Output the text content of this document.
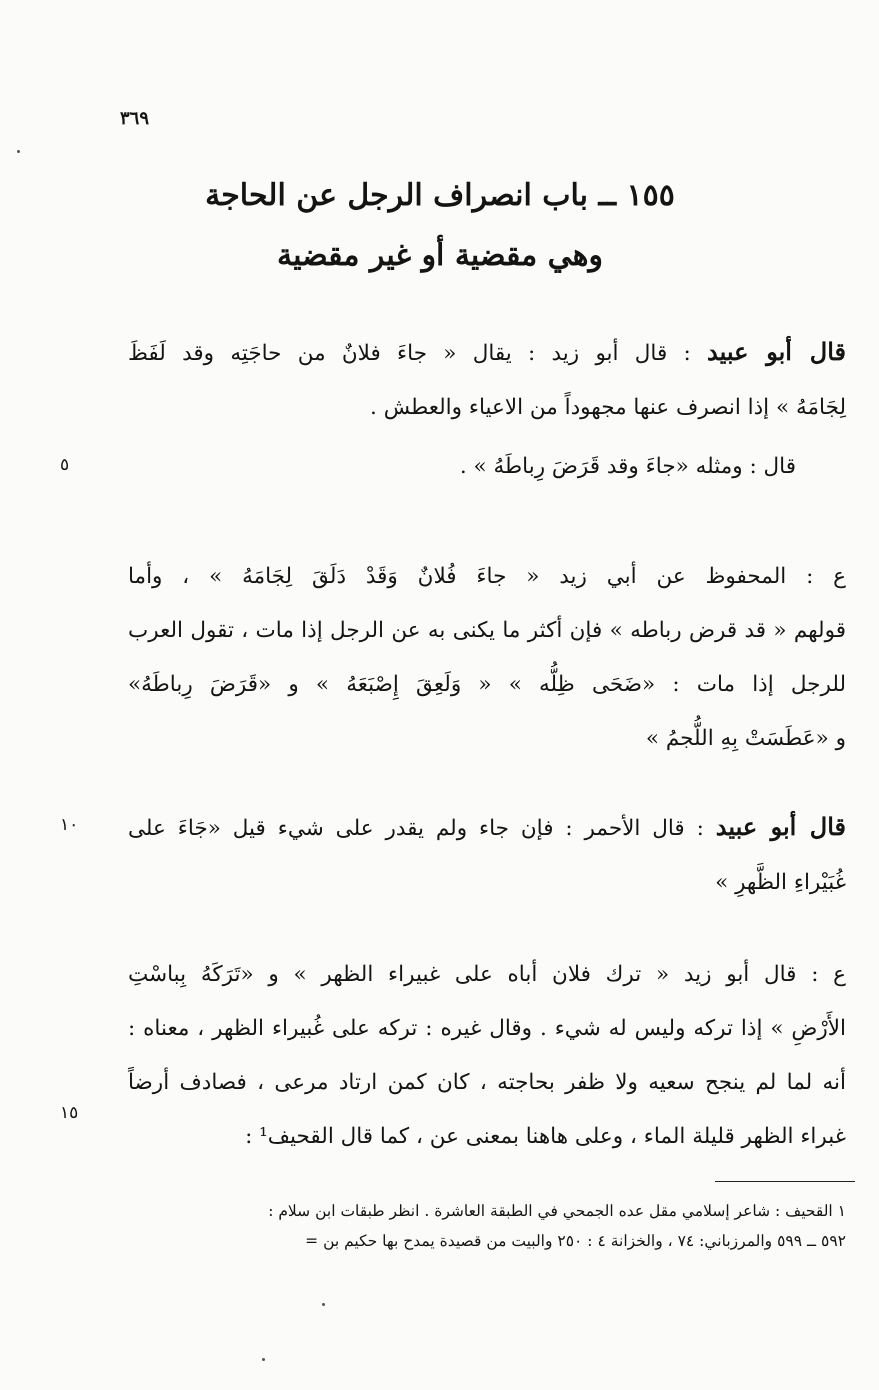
٣٦٩
١٥٥ ــ باب انصراف الرجل عن الحاجة
وهي مقضية أو غير مقضية
قال أبو عبيد : قال أبو زيد : يقال « جاءَ فلانٌ من حاجَتِه وقد لَفَظَ
لِجَامَهُ » إذا انصرف عنها مجهوداً من الاعياء والعطش .
قال : ومثله «جاءَ وقد قَرَضَ رِباطَهُ » .
ع : المحفوظ عن أبي زيد « جاءَ فُلانٌ وَقَدْ دَلَقَ لِجَامَهُ » ، وأما
قولهم « قد قرض رباطه » فإن أكثر ما يكنى به عن الرجل إذا مات ، تقول العرب
للرجل إذا مات : «ضَحَى ظِلُّه » « وَلَعِقَ إِصْبَعَهُ » و «قَرَضَ رِباطَهُ»
و «عَطَسَتْ بِهِ اللُّجمُ »
قال أبو عبيد : قال الأحمر : فإن جاء ولم يقدر على شيء قيل «جَاءَ على
غُبَيْراءِ الظَّهرِ »
ع : قال أبو زيد « ترك فلان أباه على غبيراء الظهر » و «تَرَكَهُ بِباسْتِ
الأَرْضِ » إذا تركه وليس له شيء . وقال غيره : تركه على غُبيراء الظهر ، معناه :
أنه لما لم ينجح سعيه ولا ظفر بحاجته ، كان كمن ارتاد مرعى ، فصادف أرضاً
غبراء الظهر قليلة الماء ، وعلى هاهنا بمعنى عن ، كما قال القحيف¹ :
٥
١٠
١٥
١ القحيف : شاعر إسلامي مقل عده الجمحي في الطبقة العاشرة . انظر طبقات ابن سلام :
٥٩٢ ــ ٥٩٩ والمرزباني: ٧٤ ، والخزانة ٤ : ٢٥٠ والبيت من قصيدة يمدح بها حكيم بن =
